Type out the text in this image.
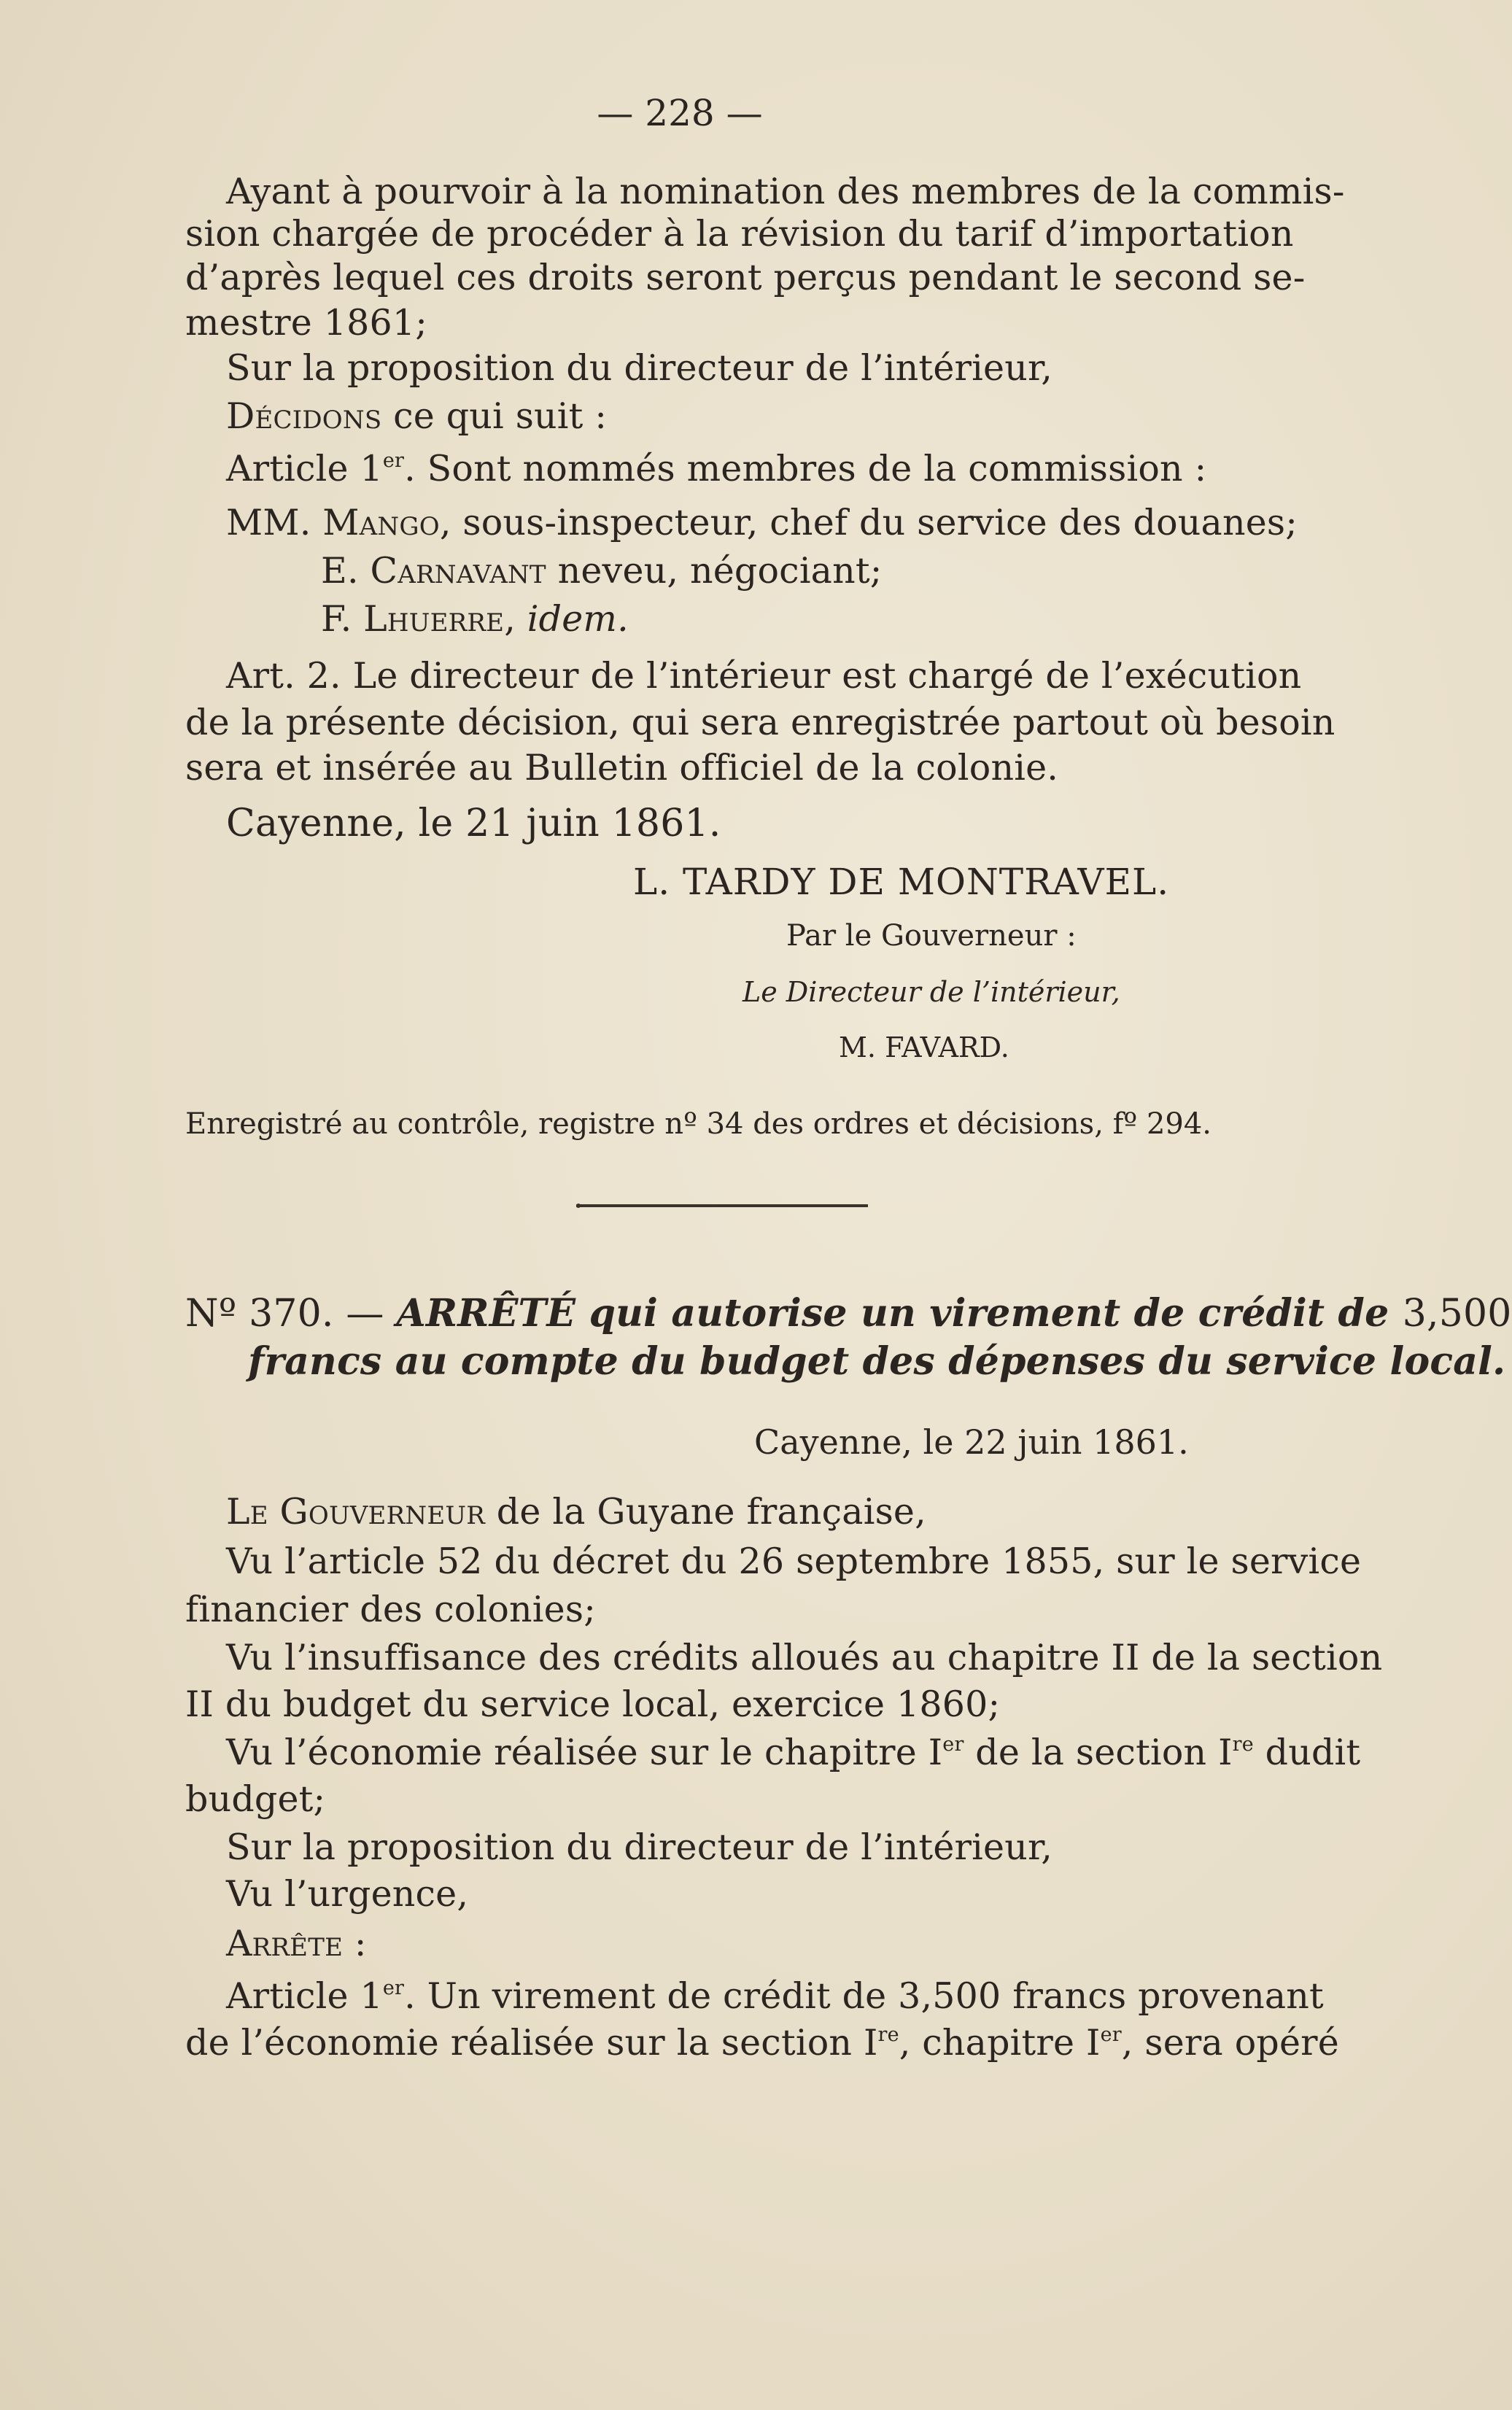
— 228 —
Ayant à pourvoir à la nomination des membres de la commis-
sion chargée de procéder à la révision du tarif d’importation
d’après lequel ces droits seront perçus pendant le second se-
mestre 1861;
Sur la proposition du directeur de l’intérieur,
Décidons ce qui suit :
Article 1er. Sont nommés membres de la commission :
MM. Mango, sous-inspecteur, chef du service des douanes;
E. Carnavant neveu, négociant;
F. Lhuerre, idem.
Art. 2. Le directeur de l’intérieur est chargé de l’exécution
de la présente décision, qui sera enregistrée partout où besoin
sera et insérée au Bulletin officiel de la colonie.
Cayenne, le 21 juin 1861.
L. TARDY DE MONTRAVEL.
Par le Gouverneur :
Le Directeur de l’intérieur,
M. FAVARD.
Enregistré au contrôle, registre nº 34 des ordres et décisions, fº 294.
Nº 370. — ARRÊTÉ qui autorise un virement de crédit de 3,500
francs au compte du budget des dépenses du service local.
Cayenne, le 22 juin 1861.
Le Gouverneur de la Guyane française,
Vu l’article 52 du décret du 26 septembre 1855, sur le service
financier des colonies;
Vu l’insuffisance des crédits alloués au chapitre II de la section
II du budget du service local, exercice 1860;
Vu l’économie réalisée sur le chapitre Ier de la section Ire dudit
budget;
Sur la proposition du directeur de l’intérieur,
Vu l’urgence,
Arrête :
Article 1er. Un virement de crédit de 3,500 francs provenant
de l’économie réalisée sur la section Ire, chapitre Ier, sera opéré
